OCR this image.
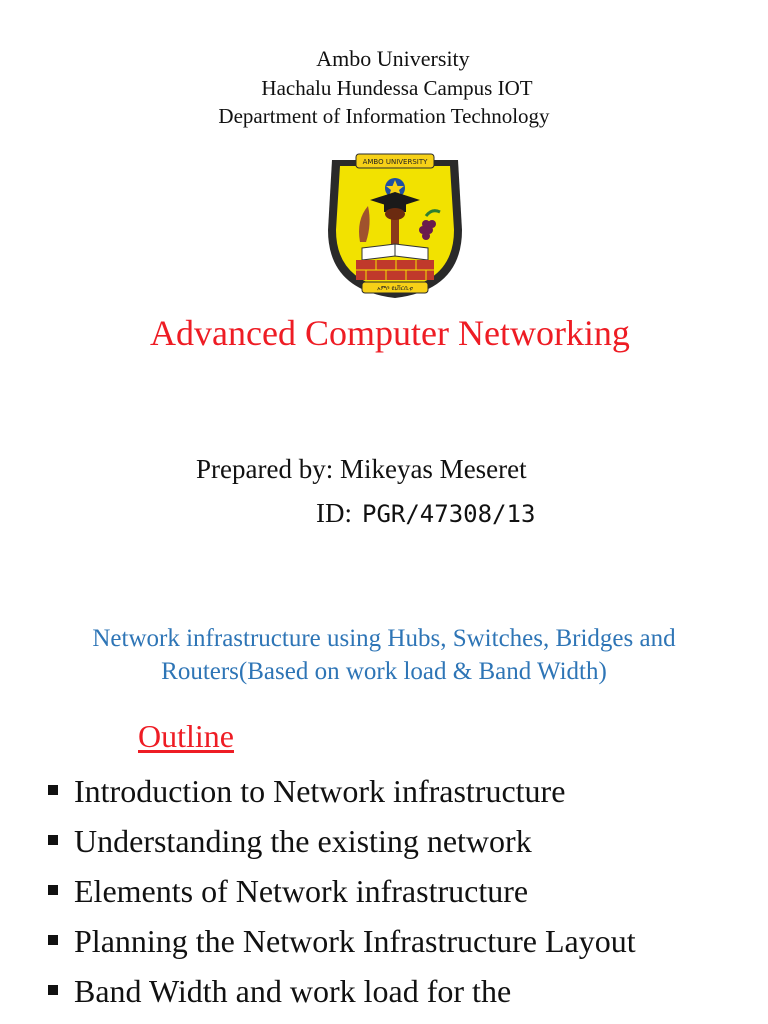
Ambo University
Hachalu Hundessa Campus IOT
Department of Information Technology
AMBO UNIVERSITY
አምቦ ዩኒቨርሲቲ
Advanced Computer Networking
Prepared by: Mikeyas Meseret
ID: PGR/47308/13
Network infrastructure using Hubs, Switches, Bridges and
Routers(Based on work load & Band Width)
Outline
Introduction to Network infrastructure
Understanding the existing network
Elements of Network infrastructure
Planning the Network Infrastructure Layout
Band Width and work load for the
